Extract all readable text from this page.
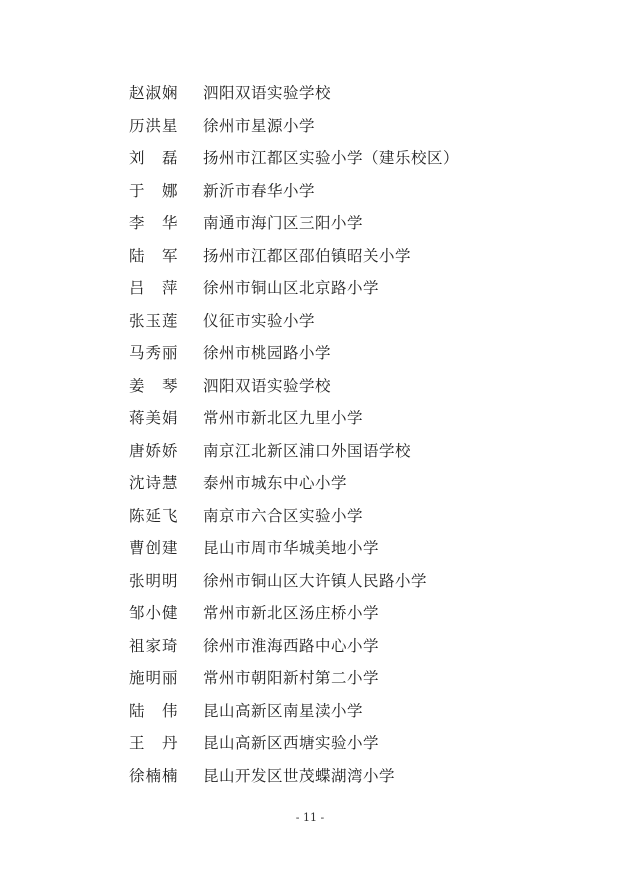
赵淑娴 泗阳双语实验学校
历洪星 徐州市星源小学
刘　磊 扬州市江都区实验小学（建乐校区）
于　娜 新沂市春华小学
李　华 南通市海门区三阳小学
陆　军 扬州市江都区邵伯镇昭关小学
吕　萍 徐州市铜山区北京路小学
张玉莲 仪征市实验小学
马秀丽 徐州市桃园路小学
姜　琴 泗阳双语实验学校
蒋美娟 常州市新北区九里小学
唐娇娇 南京江北新区浦口外国语学校
沈诗慧 泰州市城东中心小学
陈延飞 南京市六合区实验小学
曹创建 昆山市周市华城美地小学
张明明 徐州市铜山区大许镇人民路小学
邹小健 常州市新北区汤庄桥小学
祖家琦 徐州市淮海西路中心小学
施明丽 常州市朝阳新村第二小学
陆　伟 昆山高新区南星渎小学
王　丹 昆山高新区西塘实验小学
徐楠楠 昆山开发区世茂蝶湖湾小学
- 11 -
